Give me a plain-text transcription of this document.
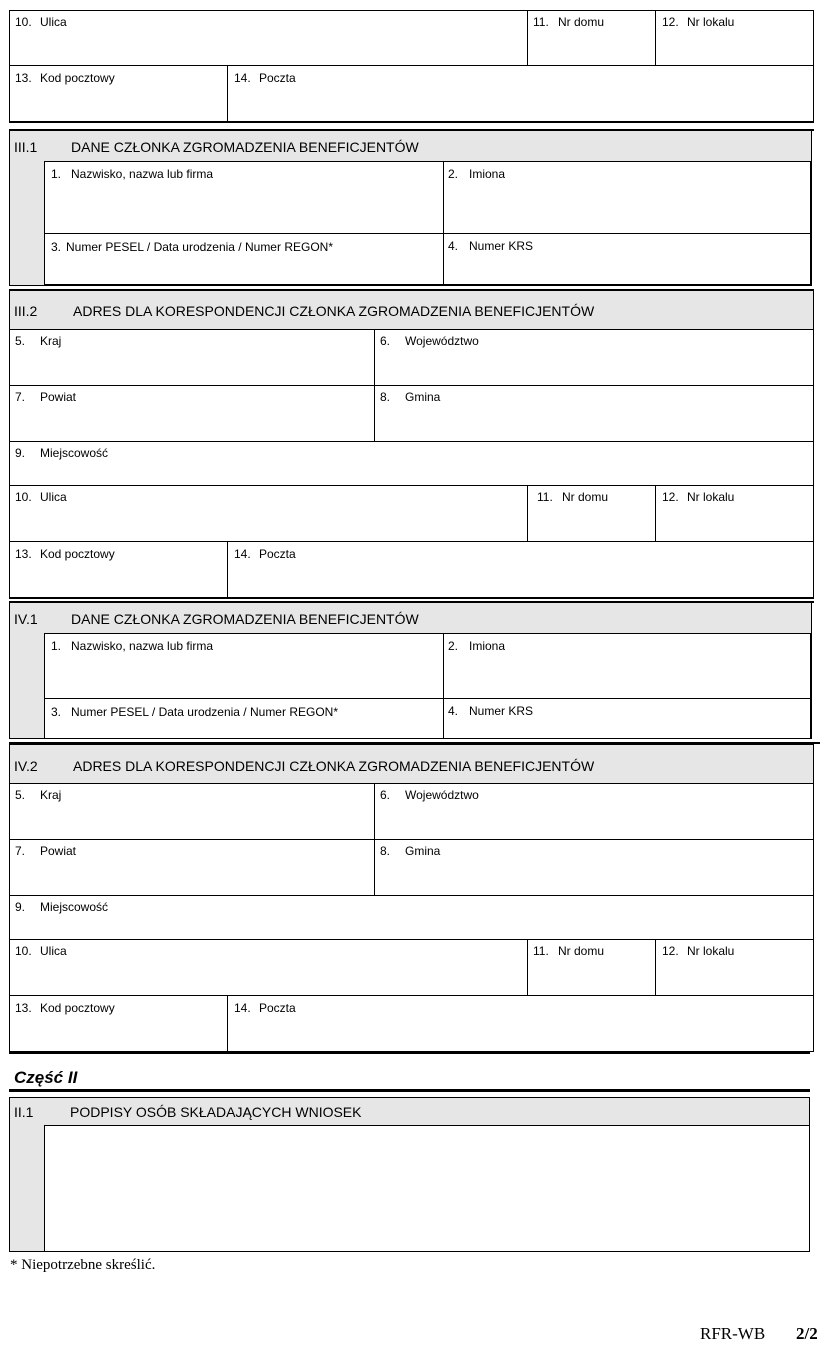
10. Ulica	11. Nr domu	12. Nr lokalu
13. Kod pocztowy	14. Poczta
III.1 DANE CZŁONKA ZGROMADZENIA BENEFICJENTÓW
1. Nazwisko, nazwa lub firma	2. Imiona
3. Numer PESEL / Data urodzenia / Numer REGON*	4. Numer KRS
III.2	ADRES DLA KORESPONDENCJI CZŁONKA ZGROMADZENIA BENEFICJENTÓW
5. Kraj	6. Województwo
7. Powiat	8. Gmina
9. Miejscowość
10. Ulica	11. Nr domu	12. Nr lokalu
13. Kod pocztowy	14. Poczta
IV.1 DANE CZŁONKA ZGROMADZENIA BENEFICJENTÓW
1. Nazwisko, nazwa lub firma	2. Imiona
3. Numer PESEL / Data urodzenia / Numer REGON*	4. Numer KRS
IV.2	ADRES DLA KORESPONDENCJI CZŁONKA ZGROMADZENIA BENEFICJENTÓW
5. Kraj	6. Województwo
7. Powiat	8. Gmina
9. Miejscowość
10. Ulica	11. Nr domu	12. Nr lokalu
13. Kod pocztowy	14. Poczta
Część II
II.1	PODPISY OSÓB SKŁADAJĄCYCH WNIOSEK
* Niepotrzebne skreślić.
RFR-WB 2/2
